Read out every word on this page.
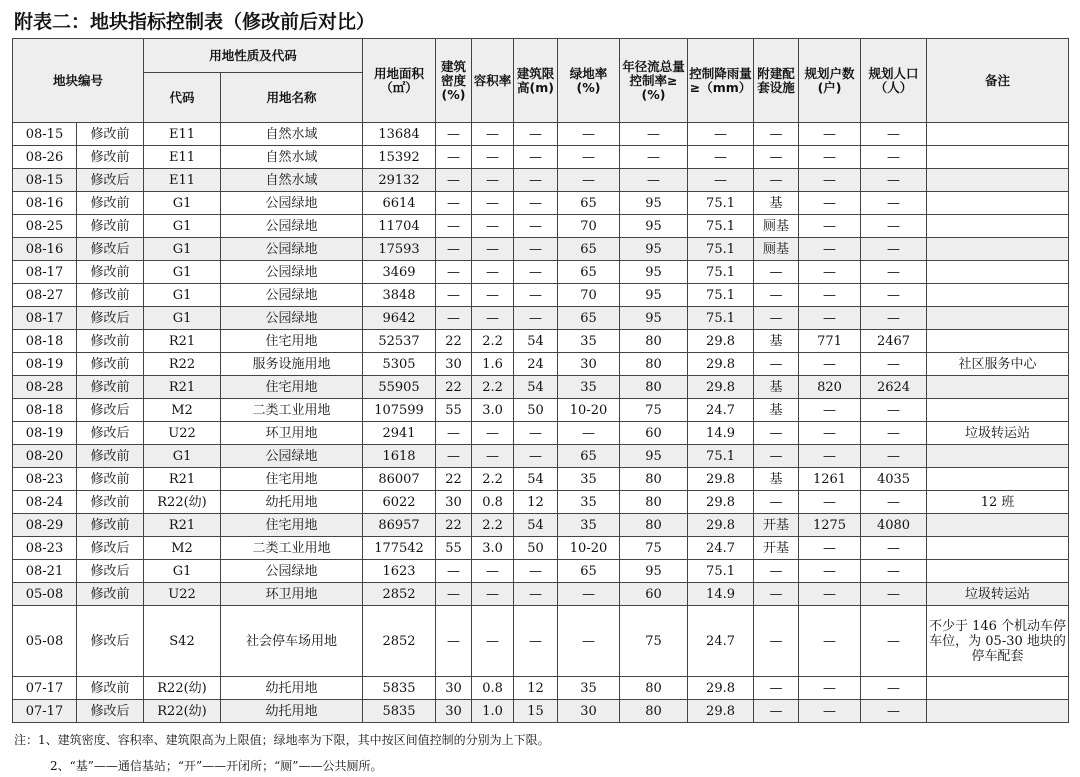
附表二：地块指标控制表（修改前后对比）
地块编号		用地性质及代码		用地面积（㎡）	建筑密度(%)	容积率	建筑限高(m)	绿地率(%)	年径流总量控制率≥(%)	控制降雨量≥（mm）	附建配套设施	规划户数(户)	规划人口（人）	备注
		代码	用地名称											
08-15	修改前	E11	自然水域	13684	—	—	—	—	—	—	—	—	—	
08-26	修改前	E11	自然水域	15392	—	—	—	—	—	—	—	—	—	
08-15	修改后	E11	自然水域	29132	—	—	—	—	—	—	—	—	—	
08-16	修改前	G1	公园绿地	6614	—	—	—	65	95	75.1	基	—	—	
08-25	修改前	G1	公园绿地	11704	—	—	—	70	95	75.1	厕基	—	—	
08-16	修改后	G1	公园绿地	17593	—	—	—	65	95	75.1	厕基	—	—	
08-17	修改前	G1	公园绿地	3469	—	—	—	65	95	75.1	—	—	—	
08-27	修改前	G1	公园绿地	3848	—	—	—	70	95	75.1	—	—	—	
08-17	修改后	G1	公园绿地	9642	—	—	—	65	95	75.1	—	—	—	
08-18	修改前	R21	住宅用地	52537	22	2.2	54	35	80	29.8	基	771	2467	
08-19	修改前	R22	服务设施用地	5305	30	1.6	24	30	80	29.8	—	—	—	社区服务中心
08-28	修改前	R21	住宅用地	55905	22	2.2	54	35	80	29.8	基	820	2624	
08-18	修改后	M2	二类工业用地	107599	55	3.0	50	10-20	75	24.7	基	—	—	
08-19	修改后	U22	环卫用地	2941	—	—	—	—	60	14.9	—	—	—	垃圾转运站
08-20	修改前	G1	公园绿地	1618	—	—	—	65	95	75.1	—	—	—	
08-23	修改前	R21	住宅用地	86007	22	2.2	54	35	80	29.8	基	1261	4035	
08-24	修改前	R22(幼)	幼托用地	6022	30	0.8	12	35	80	29.8	—	—	—	12 班
08-29	修改前	R21	住宅用地	86957	22	2.2	54	35	80	29.8	开基	1275	4080	
08-23	修改后	M2	二类工业用地	177542	55	3.0	50	10-20	75	24.7	开基	—	—	
08-21	修改后	G1	公园绿地	1623	—	—	—	65	95	75.1	—	—	—	
05-08	修改前	U22	环卫用地	2852	—	—	—	—	60	14.9	—	—	—	垃圾转运站
05-08	修改后	S42	社会停车场用地	2852	—	—	—	—	75	24.7	—	—	—	不少于 146 个机动车停车位，为 05-30 地块的停车配套
07-17	修改前	R22(幼)	幼托用地	5835	30	0.8	12	35	80	29.8	—	—	—	
07-17	修改后	R22(幼)	幼托用地	5835	30	1.0	15	30	80	29.8	—	—	—	
注：1、建筑密度、容积率、建筑限高为上限值；绿地率为下限，其中按区间值控制的分别为上下限。
2、“基”——通信基站；“开”——开闭所；“厕”——公共厕所。
